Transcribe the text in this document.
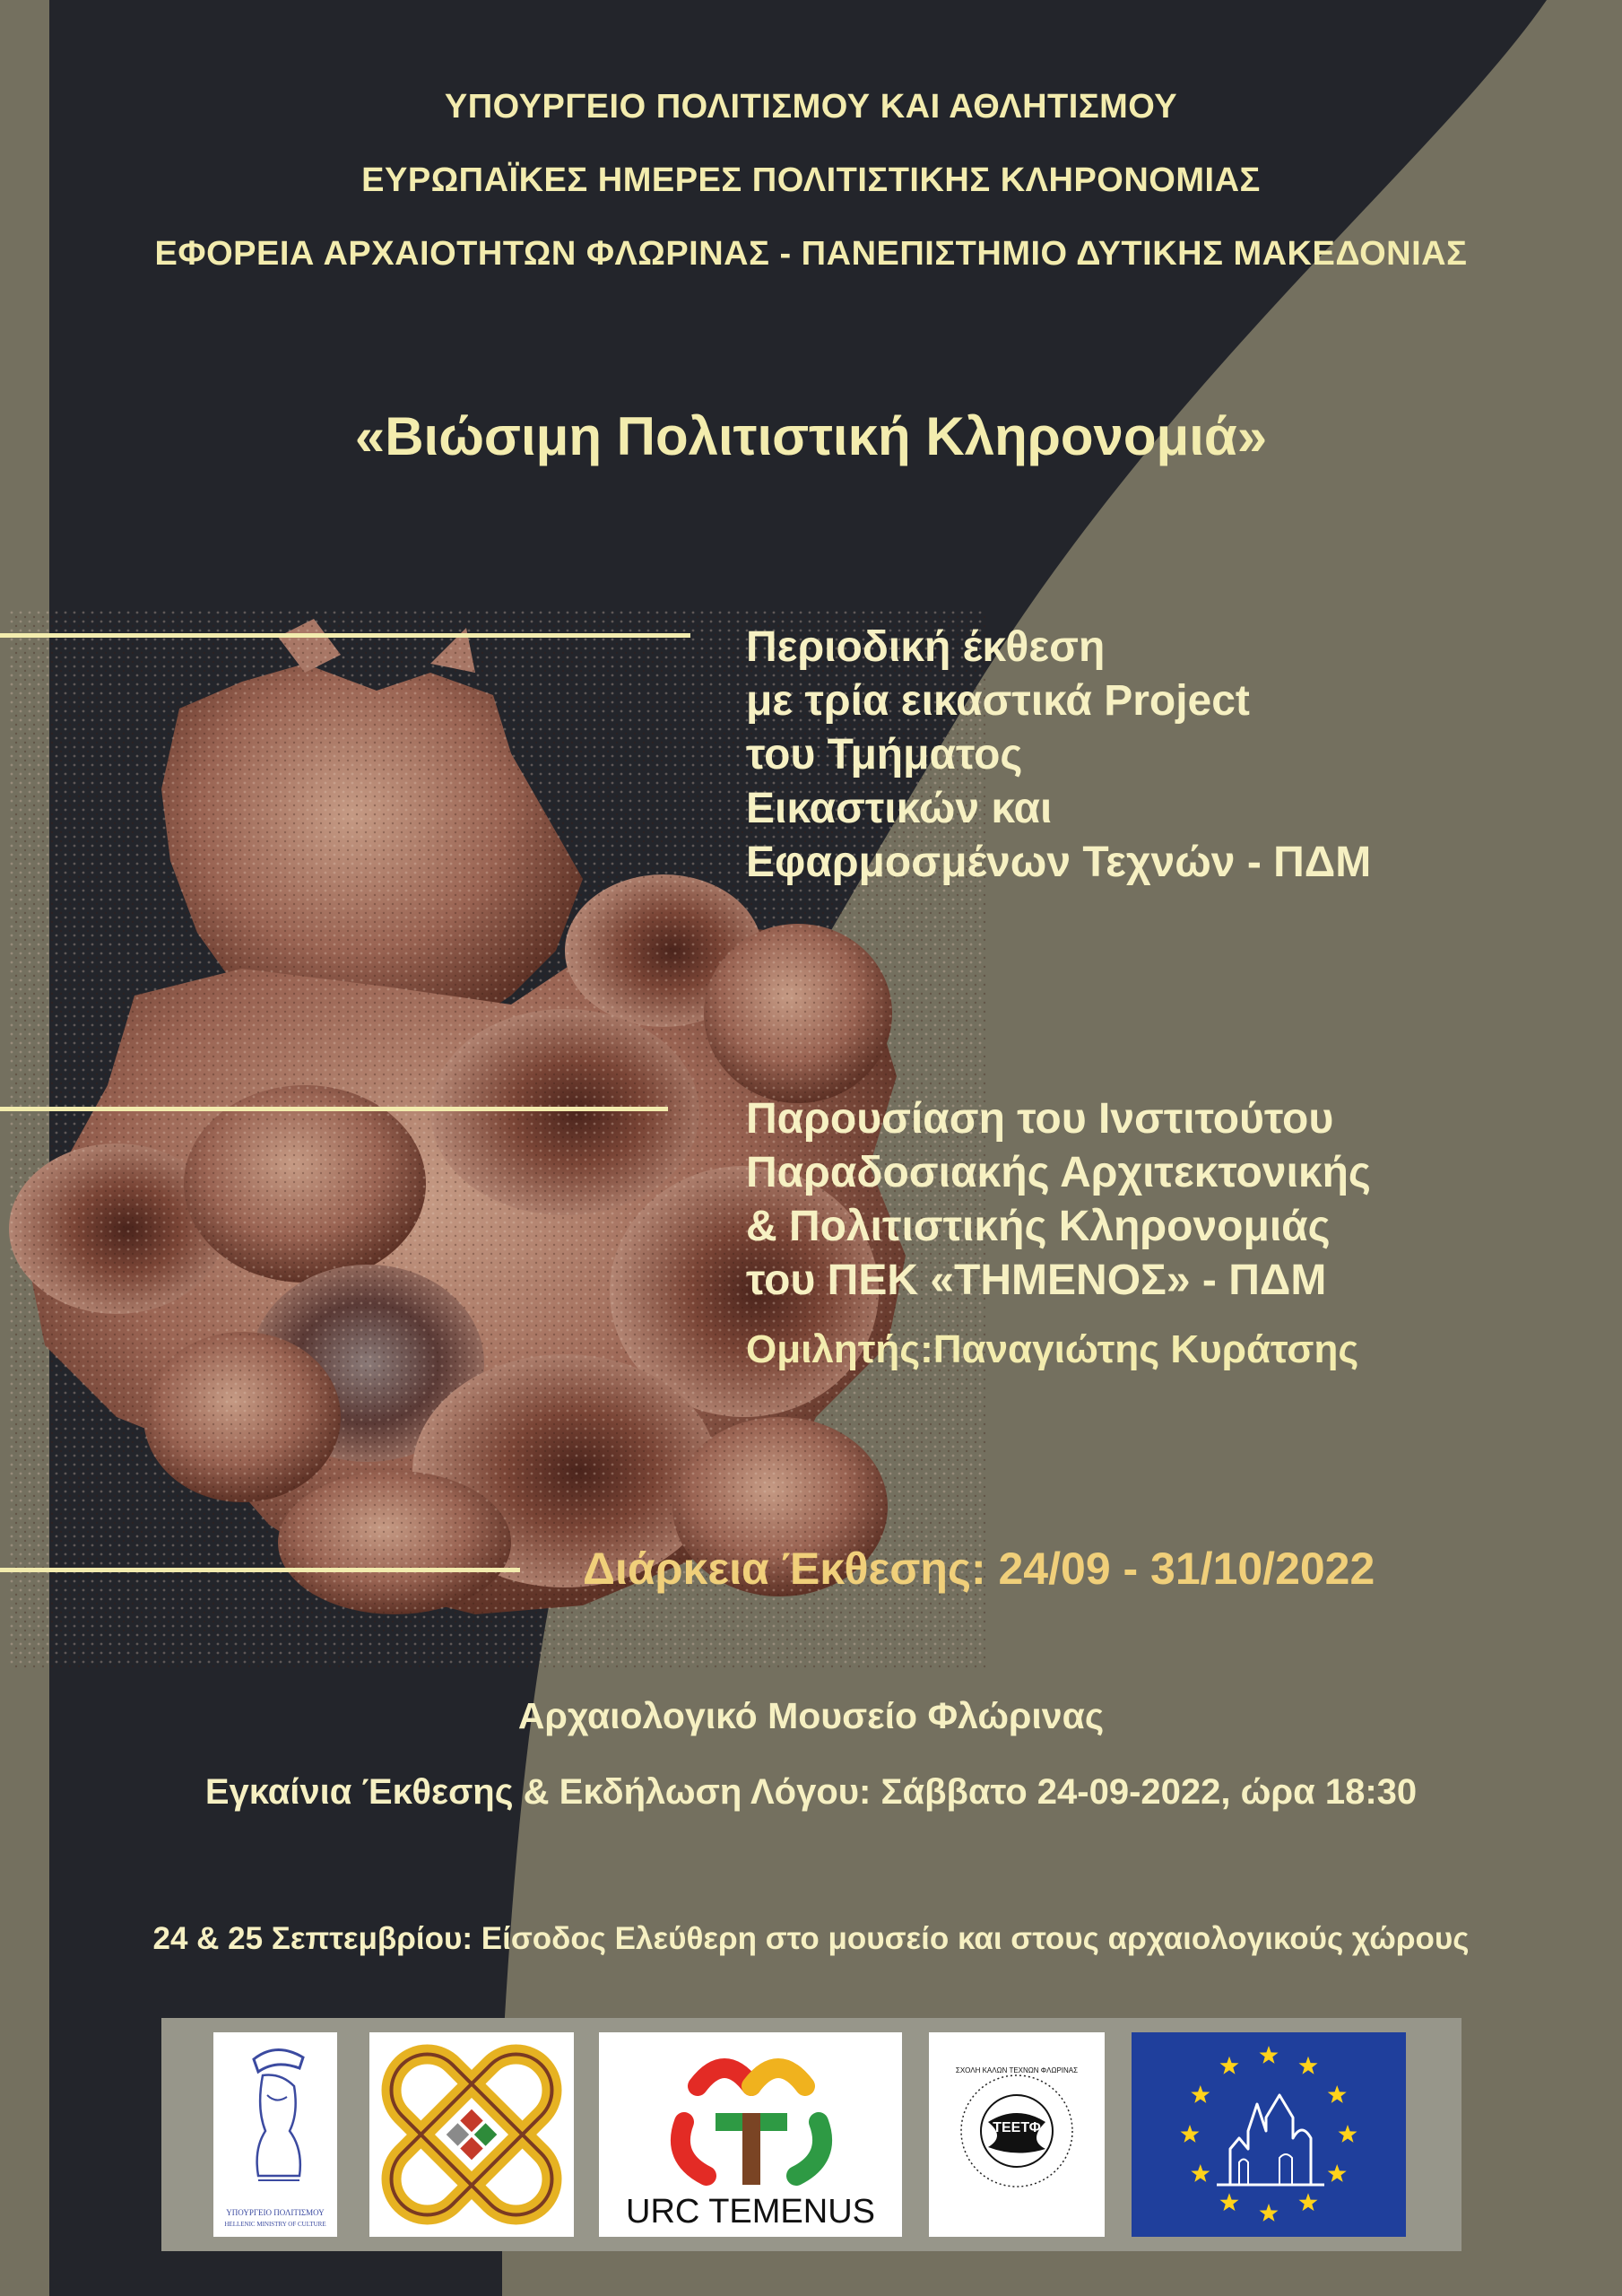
ΥΠΟΥΡΓΕΙΟ ΠΟΛΙΤΙΣΜΟΥ ΚΑΙ ΑΘΛΗΤΙΣΜΟΥ
ΕΥΡΩΠΑΪΚΕΣ ΗΜΕΡΕΣ ΠΟΛΙΤΙΣΤΙΚΗΣ ΚΛΗΡΟΝΟΜΙΑΣ
ΕΦΟΡΕΙΑ ΑΡΧΑΙΟΤΗΤΩΝ ΦΛΩΡΙΝΑΣ - ΠΑΝΕΠΙΣΤΗΜΙΟ ΔΥΤΙΚΗΣ ΜΑΚΕΔΟΝΙΑΣ
«Βιώσιμη Πολιτιστική Κληρονομιά»
Περιοδική έκθεση
με τρία εικαστικά Project
του Τμήματος
Εικαστικών και
Εφαρμοσμένων Τεχνών - ΠΔΜ
Παρουσίαση του Ινστιτούτου
Παραδοσιακής Αρχιτεκτονικής
& Πολιτιστικής Κληρονομιάς
του ΠΕΚ «ΤΗΜΕΝΟΣ» - ΠΔΜ
Ομιλητής:Παναγιώτης Κυράτσης
Διάρκεια Έκθεσης: 24/09 - 31/10/2022
Αρχαιολογικό Μουσείο Φλώρινας
Εγκαίνια Έκθεσης & Εκδήλωση Λόγου: Σάββατο 24-09-2022, ώρα 18:30
24 & 25 Σεπτεμβρίου: Είσοδος Ελεύθερη στο μουσείο και στους αρχαιολογικούς χώρους
ΥΠΟΥΡΓΕΙΟ ΠΟΛΙΤΙΣΜΟΥ
HELLENIC MINISTRY OF CULTURE	URC TEMENUS
ΤΕΕΤΦ
ΣΧΟΛΗ ΚΑΛΩΝ ΤΕΧΝΩΝ ΦΛΩΡΙΝΑΣ
